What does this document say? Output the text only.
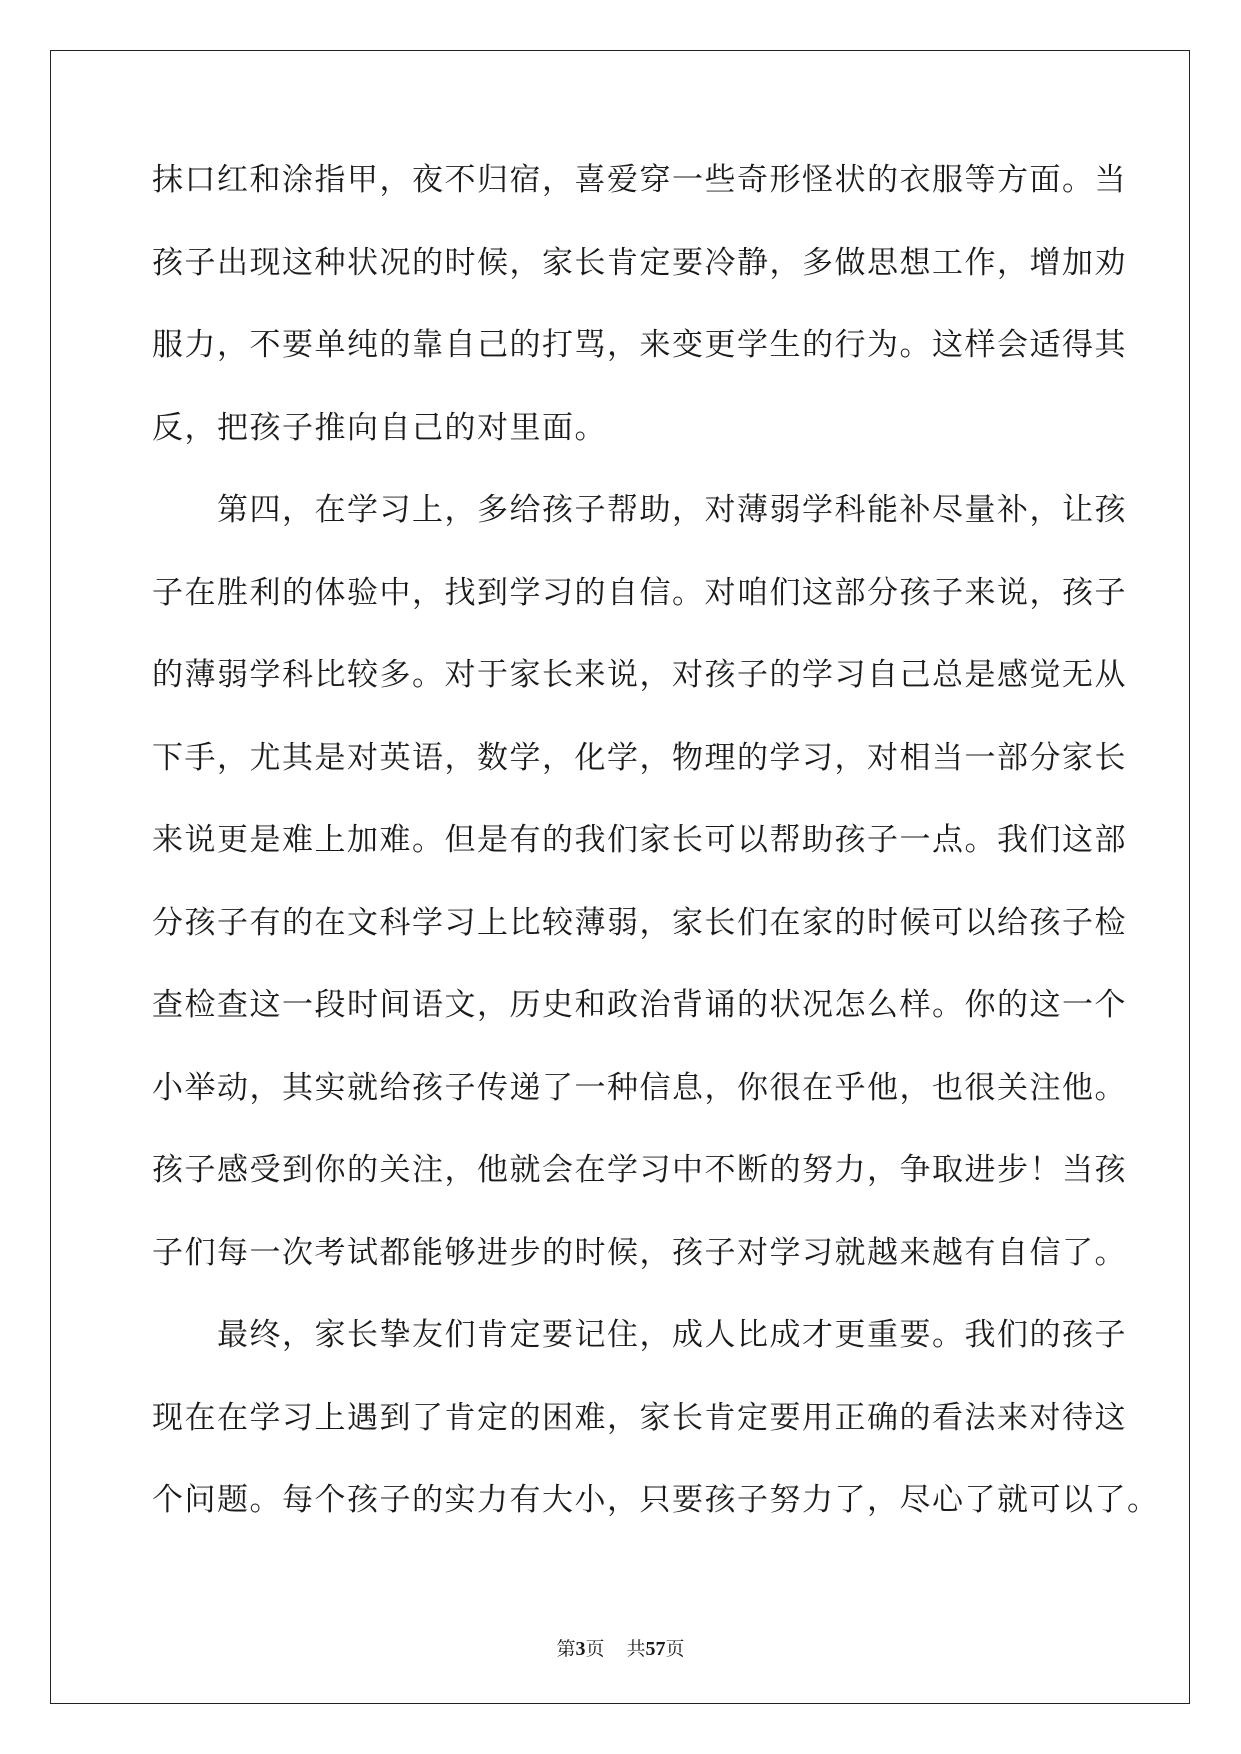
抹口红和涂指甲，夜不归宿，喜爱穿一些奇形怪状的衣服等方面。当
孩子出现这种状况的时候，家长肯定要冷静，多做思想工作，增加劝
服力，不要单纯的靠自己的打骂，来变更学生的行为。这样会适得其
反，把孩子推向自己的对里面。
　　第四，在学习上，多给孩子帮助，对薄弱学科能补尽量补，让孩
子在胜利的体验中，找到学习的自信。对咱们这部分孩子来说，孩子
的薄弱学科比较多。对于家长来说，对孩子的学习自己总是感觉无从
下手，尤其是对英语，数学，化学，物理的学习，对相当一部分家长
来说更是难上加难。但是有的我们家长可以帮助孩子一点。我们这部
分孩子有的在文科学习上比较薄弱，家长们在家的时候可以给孩子检
查检查这一段时间语文，历史和政治背诵的状况怎么样。你的这一个
小举动，其实就给孩子传递了一种信息，你很在乎他，也很关注他。
孩子感受到你的关注，他就会在学习中不断的努力，争取进步！当孩
子们每一次考试都能够进步的时候，孩子对学习就越来越有自信了。
　　最终，家长挚友们肯定要记住，成人比成才更重要。我们的孩子
现在在学习上遇到了肯定的困难，家长肯定要用正确的看法来对待这
个问题。每个孩子的实力有大小，只要孩子努力了，尽心了就可以了。
第3页 共57页
